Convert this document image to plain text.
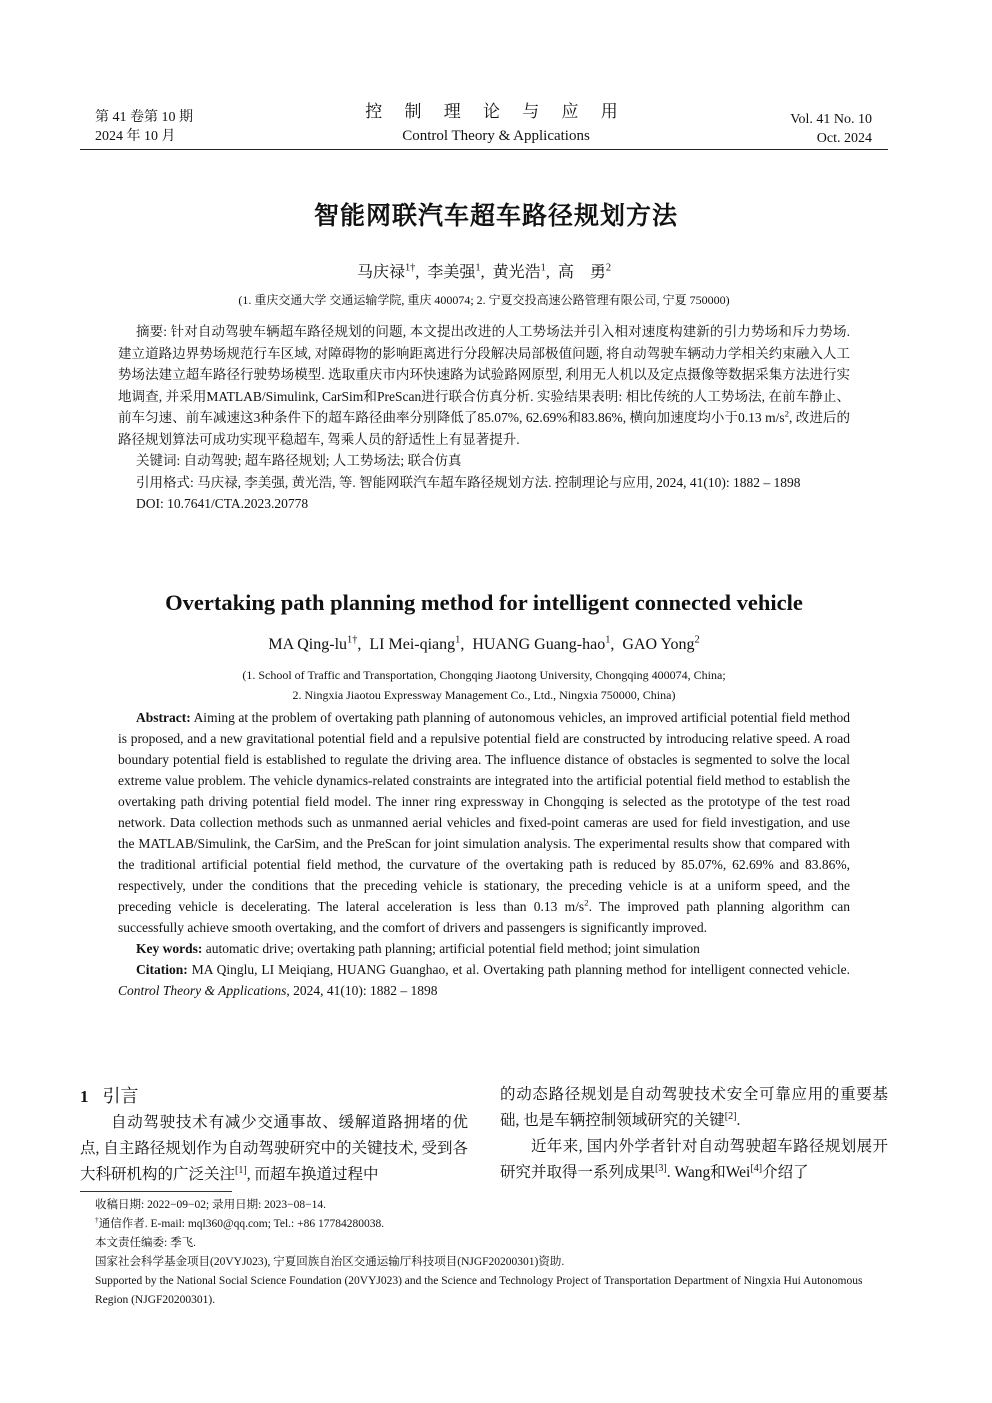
第 41 卷第 10 期
2024 年 10 月
控 制 理 论 与 应 用
Control Theory & Applications
Vol. 41 No. 10
Oct. 2024
智能网联汽车超车路径规划方法
马庆禄$^{1\dagger}$,  李美强$^1$,  黄光浩$^1$,  高　勇$^2$
(1. 重庆交通大学 交通运输学院, 重庆 400074; 2. 宁夏交投高速公路管理有限公司, 宁夏 750000)

摘要: 针对自动驾驶车辆超车路径规划的问题, 本文提出改进的人工势场法并引入相对速度构建新的引力势场和斥力势场. 建立道路边界势场规范行车区域, 对障碍物的影响距离进行分段解决局部极值问题, 将自动驾驶车辆动力学相关约束融入人工势场法建立超车路径行驶势场模型. 选取重庆市内环快速路为试验路网原型, 利用无人机以及定点摄像等数据采集方法进行实地调查, 并采用MATLAB/Simulink, CarSim和PreScan进行联合仿真分析. 实验结果表明: 相比传统的人工势场法, 在前车静止、前车匀速、前车减速这3种条件下的超车路径曲率分别降低了85.07%, 62.69%和83.86%, 横向加速度均小于0.13 $m/s^2$, 改进后的路径规划算法可成功实现平稳超车, 驾乘人员的舒适性上有显著提升.

关键词: 自动驾驶; 超车路径规划; 人工势场法; 联合仿真

引用格式: 马庆禄, 李美强, 黄光浩, 等. 智能网联汽车超车路径规划方法. 控制理论与应用, 2024, 41(10): 1882 – 1898

DOI: 10.7641/CTA.2023.20778

Overtaking path planning method for intelligent connected vehicle
MA Qing-$lu^{1\dagger}$,  LI Mei-qiang$^1$,  HUANG Guang-hao$^1$,  GAO Yong$^2$
(1. School of Traffic and Transportation, Chongqing Jiaotong University, Chongqing 400074, China;
2. Ningxia Jiaotou Expressway Management Co., Ltd., Ningxia 750000, China)

Abstract: Aiming at the problem of overtaking path planning of autonomous vehicles, an improved artificial potential field method is proposed, and a new gravitational potential field and a repulsive potential field are constructed by introducing relative speed. A road boundary potential field is established to regulate the driving area. The influence distance of obstacles is segmented to solve the local extreme value problem. The vehicle dynamics-related constraints are integrated into the artificial potential field method to establish the overtaking path driving potential field model. The inner ring expressway in Chongqing is selected as the prototype of the test road network. Data collection methods such as unmanned aerial vehicles and fixed-point cameras are used for field investigation, and use the MATLAB/Simulink, the CarSim, and the PreScan for joint simulation analysis. The experimental results show that compared with the traditional artificial potential field method, the curvature of the overtaking path is reduced by 85.07%, 62.69% and 83.86%, respectively, under the conditions that the preceding vehicle is stationary, the preceding vehicle is at a uniform speed, and the preceding vehicle is decelerating. The lateral acceleration is less than 0.13 $m/s^2$. The improved path planning algorithm can successfully achieve smooth overtaking, and the comfort of drivers and passengers is significantly improved.

Key words: automatic drive; overtaking path planning; artificial potential field method; joint simulation

Citation: MA Qinglu, LI Meiqiang, HUANG Guanghao, et al. Overtaking path planning method for intelligent connected vehicle. Control Theory & Applications, 2024, 41(10): 1882 – 1898

1 引言

自动驾驶技术有减少交通事故、缓解道路拥堵的优点, 自主路径规划作为自动驾驶研究中的关键技术, 受到各大科研机构的广泛关注[1], 而超车换道过程中

的动态路径规划是自动驾驶技术安全可靠应用的重要基础, 也是车辆控制领域研究的关键[2].

近年来, 国内外学者针对自动驾驶超车路径规划展开研究并取得一系列成果[3]. Wang和Wei[4]介绍了

收稿日期: 2022−09−02; 录用日期: 2023−08−14.

†通信作者. E-mail: mql360@qq.com; Tel.: +86 17784280038.

本文责任编委: 季飞.

国家社会科学基金项目(20VYJ023), 宁夏回族自治区交通运输厅科技项目(NJGF20200301)资助.

Supported by the National Social Science Foundation (20VYJ023) and the Science and Technology Project of Transportation Department of Ningxia Hui Autonomous Region (NJGF20200301).
